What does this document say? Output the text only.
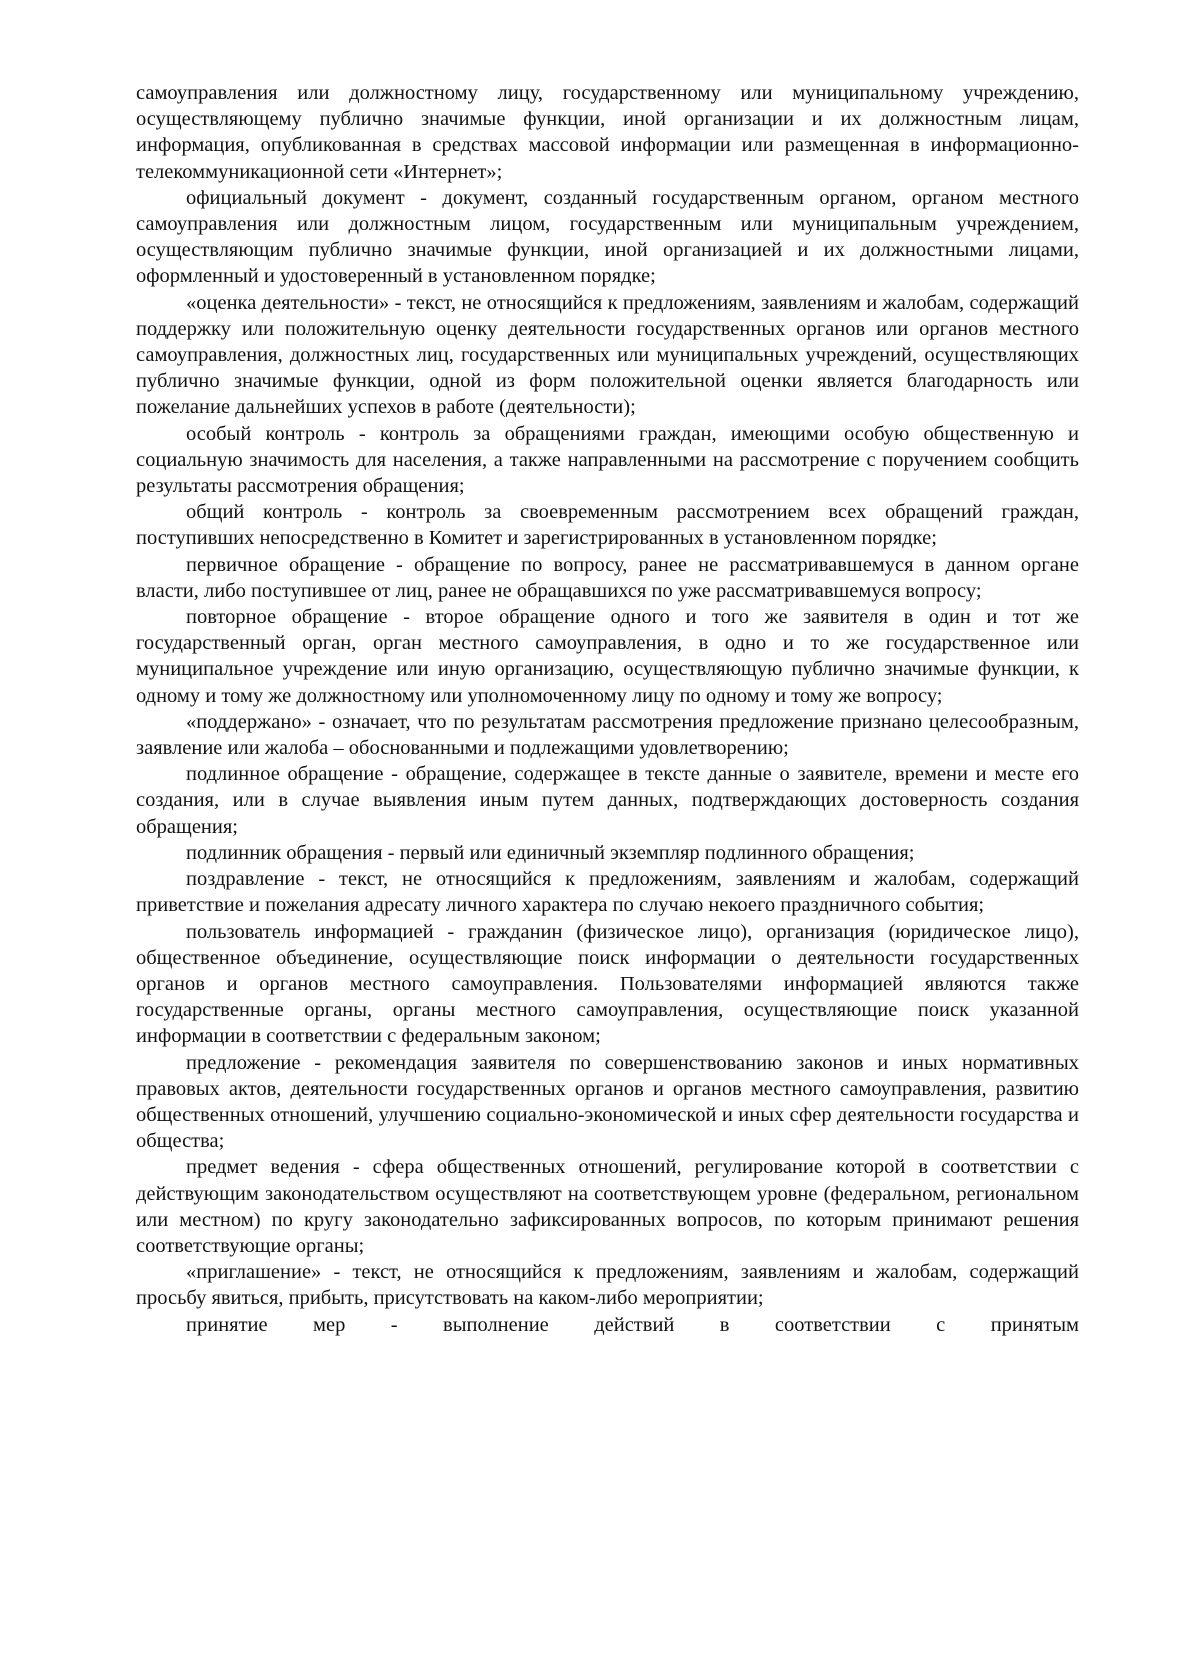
самоуправления или должностному лицу, государственному или муниципальному учреждению, осуществляющему публично значимые функции, иной организации и их должностным лицам, информация, опубликованная в средствах массовой информации или размещенная в информационно-телекоммуникационной сети «Интернет»;

официальный документ - документ, созданный государственным органом, органом местного самоуправления или должностным лицом, государственным или муниципальным учреждением, осуществляющим публично значимые функции, иной организацией и их должностными лицами, оформленный и удостоверенный в установленном порядке;

«оценка деятельности» - текст, не относящийся к предложениям, заявлениям и жалобам, содержащий поддержку или положительную оценку деятельности государственных органов или органов местного самоуправления, должностных лиц, государственных или муниципальных учреждений, осуществляющих публично значимые функции, одной из форм положительной оценки является благодарность или пожелание дальнейших успехов в работе (деятельности);

особый контроль - контроль за обращениями граждан, имеющими особую общественную и социальную значимость для населения, а также направленными на рассмотрение с поручением сообщить результаты рассмотрения обращения;

общий контроль - контроль за своевременным рассмотрением всех обращений граждан, поступивших непосредственно в Комитет и зарегистрированных в установленном порядке;

первичное обращение - обращение по вопросу, ранее не рассматривавшемуся в данном органе власти, либо поступившее от лиц, ранее не обращавшихся по уже рассматривавшемуся вопросу;

повторное обращение - второе обращение одного и того же заявителя в один и тот же государственный орган, орган местного самоуправления, в одно и то же государственное или муниципальное учреждение или иную организацию, осуществляющую публично значимые функции, к одному и тому же должностному или уполномоченному лицу по одному и тому же вопросу;

«поддержано» - означает, что по результатам рассмотрения предложение признано целесообразным, заявление или жалоба – обоснованными и подлежащими удовлетворению;

подлинное обращение - обращение, содержащее в тексте данные о заявителе, времени и месте его создания, или в случае выявления иным путем данных, подтверждающих достоверность создания обращения;

подлинник обращения - первый или единичный экземпляр подлинного обращения;

поздравление - текст, не относящийся к предложениям, заявлениям и жалобам, содержащий приветствие и пожелания адресату личного характера по случаю некоего праздничного события;

пользователь информацией - гражданин (физическое лицо), организация (юридическое лицо), общественное объединение, осуществляющие поиск информации о деятельности государственных органов и органов местного самоуправления. Пользователями информацией являются также государственные органы, органы местного самоуправления, осуществляющие поиск указанной информации в соответствии с федеральным законом;

предложение - рекомендация заявителя по совершенствованию законов и иных нормативных правовых актов, деятельности государственных органов и органов местного самоуправления, развитию общественных отношений, улучшению социально-экономической и иных сфер деятельности государства и общества;

предмет ведения - сфера общественных отношений, регулирование которой в соответствии с действующим законодательством осуществляют на соответствующем уровне (федеральном, региональном или местном) по кругу законодательно зафиксированных вопросов, по которым принимают решения соответствующие органы;

«приглашение» - текст, не относящийся к предложениям, заявлениям и жалобам, содержащий просьбу явиться, прибыть, присутствовать на каком-либо мероприятии;

принятие мер - выполнение действий в соответствии с принятым
